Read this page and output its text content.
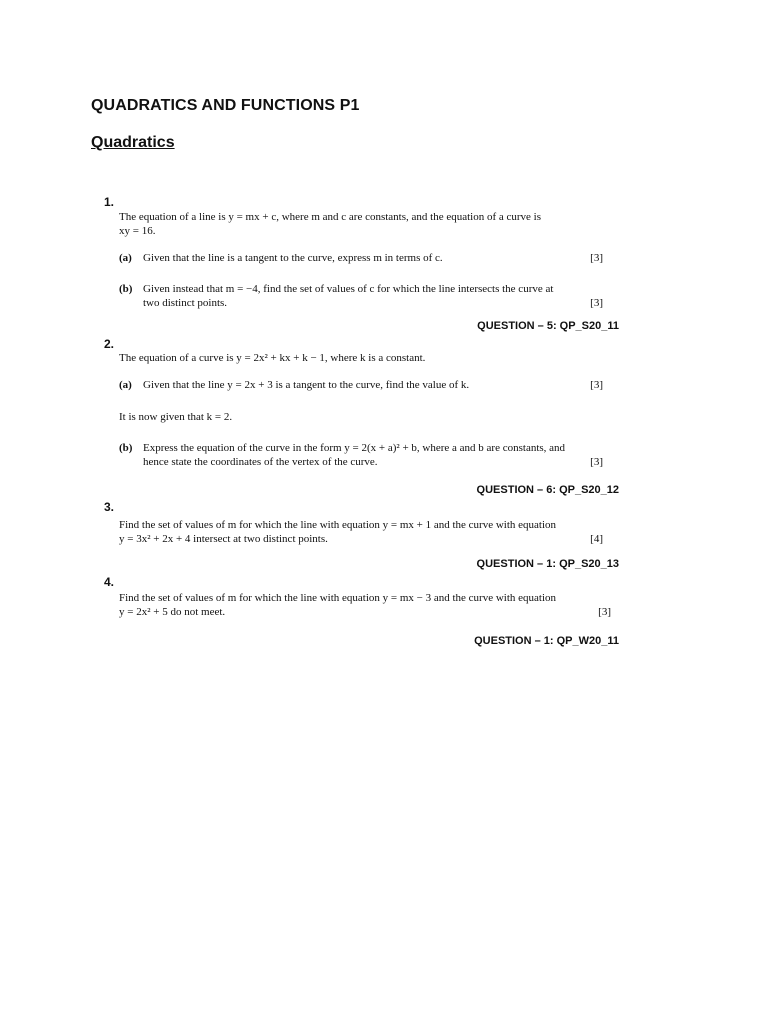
QUADRATICS AND FUNCTIONS P1
Quadratics
1.
The equation of a line is y = mx + c, where m and c are constants, and the equation of a curve is
xy = 16.
(a) Given that the line is a tangent to the curve, express m in terms of c.	[3]
(b) Given instead that m = −4, find the set of values of c for which the line intersects the curve at
two distinct points.	[3]
QUESTION – 5: QP_S20_11
2.
The equation of a curve is y = 2x² + kx + k − 1, where k is a constant.
(a) Given that the line y = 2x + 3 is a tangent to the curve, find the value of k.	[3]
It is now given that k = 2.
(b) Express the equation of the curve in the form y = 2(x + a)² + b, where a and b are constants, and
hence state the coordinates of the vertex of the curve.	[3]
QUESTION – 6: QP_S20_12
3.
Find the set of values of m for which the line with equation y = mx + 1 and the curve with equation
y = 3x² + 2x + 4 intersect at two distinct points.	[4]
QUESTION – 1: QP_S20_13
4.
Find the set of values of m for which the line with equation y = mx − 3 and the curve with equation
y = 2x² + 5 do not meet.	[3]
QUESTION – 1: QP_W20_11
